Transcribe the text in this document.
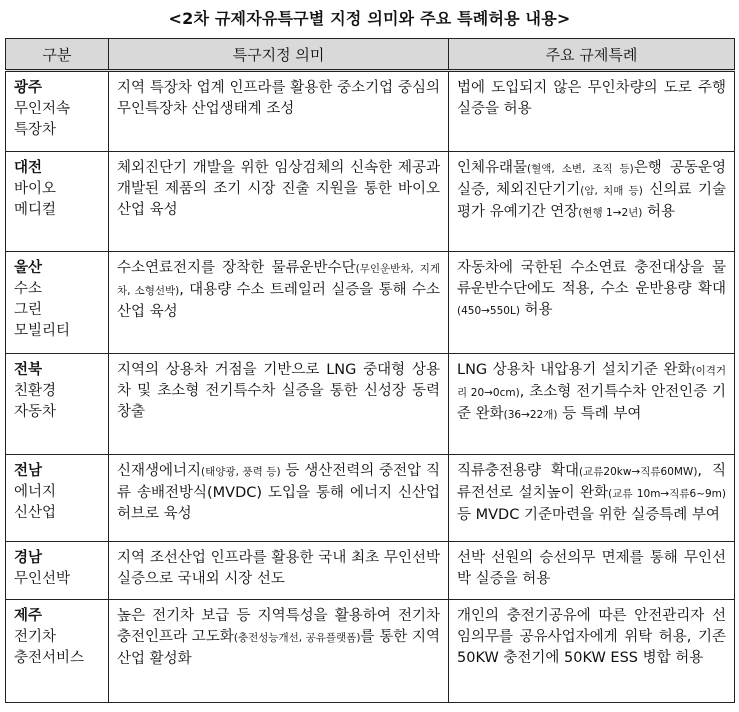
<2차 규제자유특구별 지정 의미와 주요 특례허용 내용>
구분	특구지정 의미	주요 규제특례

광주
무인저속
특장차	지역 특장차 업계 인프라를 활용한 중소기업 중심의 무인특장차 산업생태계 조성	법에 도입되지 않은 무인차량의 도로 주행 실증을 허용

대전
바이오
메디컬	체외진단기 개발을 위한 임상검체의 신속한 제공과 개발된 제품의 조기 시장 진출 지원을 통한 바이오산업 육성	인체유래물(혈액, 소변, 조직 등)은행 공동운영 실증, 체외진단기기(암, 치매 등) 신의료 기술평가 유예기간 연장(현행 1→2년) 허용

울산
수소
그린
모빌리티	수소연료전지를 장착한 물류운반수단(무인운반차, 지게차, 소형선박), 대용량 수소 트레일러 실증을 통해 수소산업 육성	자동차에 국한된 수소연료 충전대상을 물류운반수단에도 적용, 수소 운반용량 확대(450→550L) 허용

전북
친환경
자동차	지역의 상용차 거점을 기반으로 LNG 중대형 상용차 및 초소형 전기특수차 실증을 통한 신성장 동력 창출	LNG 상용차 내압용기 설치기준 완화(이격거리 20→0cm), 초소형 전기특수차 안전인증 기준 완화(36→22개) 등 특례 부여

전남
에너지
신산업	신재생에너지(태양광, 풍력 등) 등 생산전력의 중전압 직류 송배전방식(MVDC) 도입을 통해 에너지 신산업 허브로 육성	직류충전용량 확대(교류20kw→직류60MW), 직류전선로 설치높이 완화(교류 10m→직류6~9m) 등 MVDC 기준마련을 위한 실증특례 부여

경남
무인선박	지역 조선산업 인프라를 활용한 국내 최초 무인선박 실증으로 국내외 시장 선도	선박 선원의 승선의무 면제를 통해 무인선박 실증을 허용

제주
전기차
충전서비스	높은 전기차 보급 등 지역특성을 활용하여 전기차 충전인프라 고도화(충전성능개선, 공유플랫폼)를 통한 지역산업 활성화	개인의 충전기공유에 따른 안전관리자 선임의무를 공유사업자에게 위탁 허용, 기존 50KW 충전기에 50KW ESS 병합 허용
